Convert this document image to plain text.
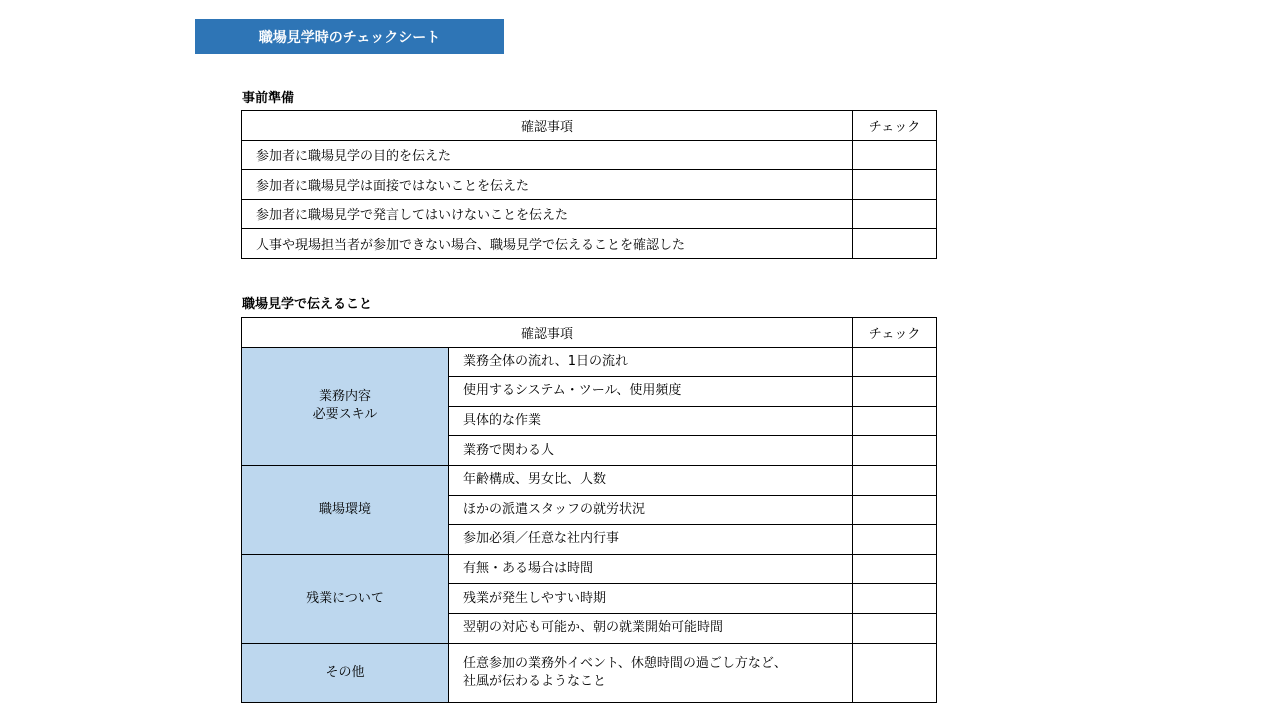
職場見学時のチェックシート
事前準備
確認事項	チェック
参加者に職場見学の目的を伝えた	
参加者に職場見学は面接ではないことを伝えた	
参加者に職場見学で発言してはいけないことを伝えた	
人事や現場担当者が参加できない場合、職場見学で伝えることを確認した	
職場見学で伝えること
確認事項		チェック
業務内容
必要スキル	業務全体の流れ、1日の流れ	
	使用するシステム・ツール、使用頻度	
	具体的な作業	
	業務で関わる人	
職場環境	年齢構成、男女比、人数	
	ほかの派遣スタッフの就労状況	
	参加必須／任意な社内行事	
残業について	有無・ある場合は時間	
	残業が発生しやすい時期	
	翌朝の対応も可能か、朝の就業開始可能時間	
その他	任意参加の業務外イベント、休憩時間の過ごし方など、
社風が伝わるようなこと	
